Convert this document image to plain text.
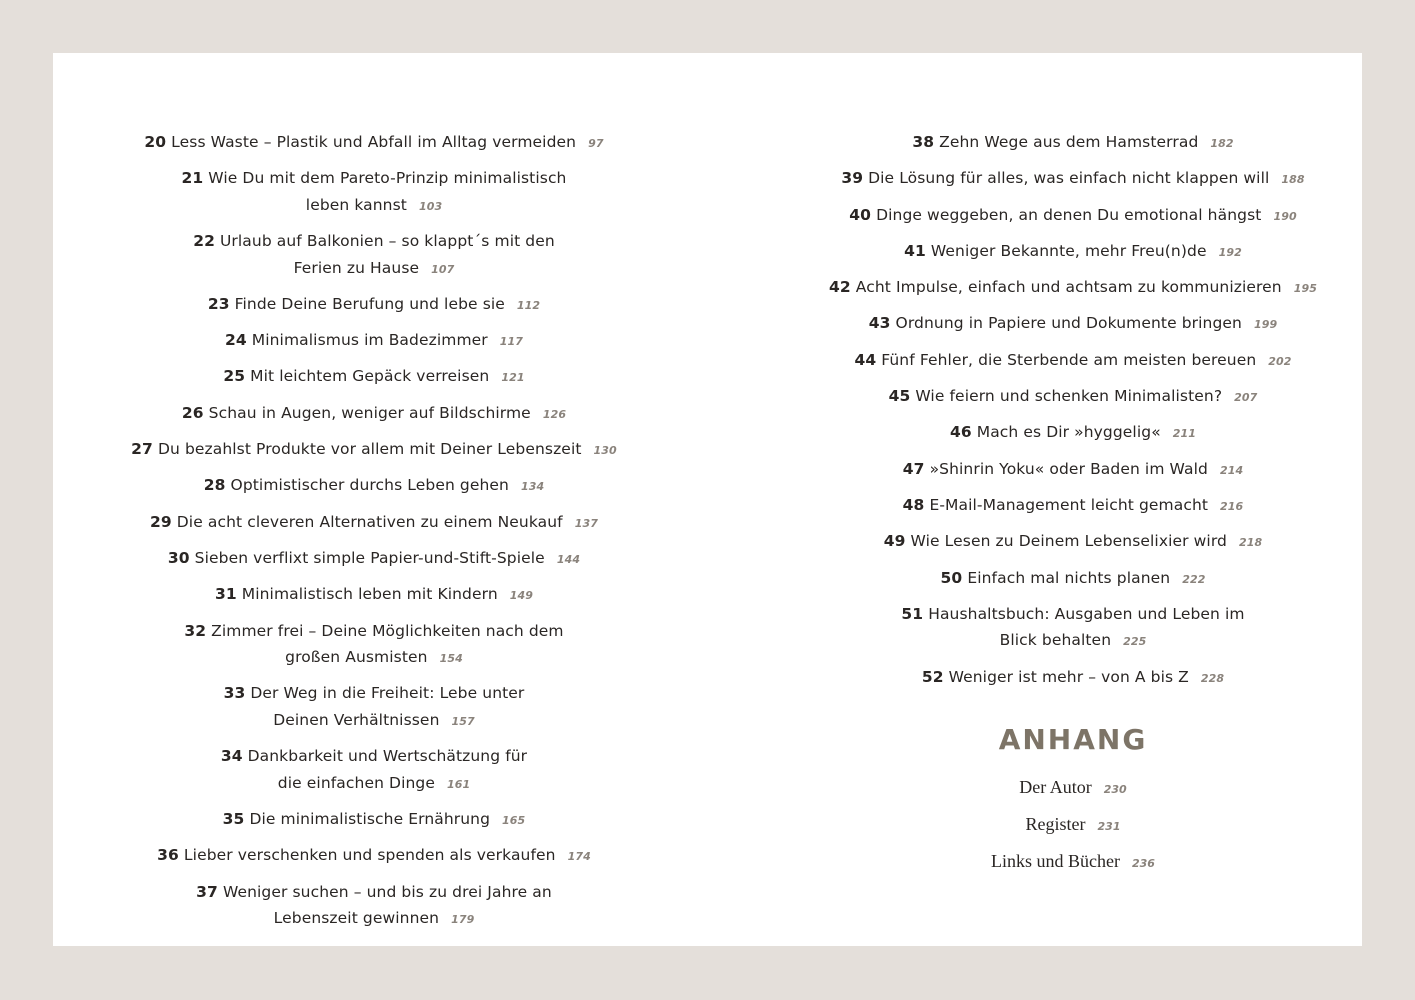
20 Less Waste – Plastik und Abfall im Alltag vermeiden 97
21 Wie Du mit dem Pareto-Prinzip minimalistisch
leben kannst 103
22 Urlaub auf Balkonien – so klappt´s mit den
Ferien zu Hause 107
23 Finde Deine Berufung und lebe sie 112
24 Minimalismus im Badezimmer 117
25 Mit leichtem Gepäck verreisen 121
26 Schau in Augen, weniger auf Bildschirme 126
27 Du bezahlst Produkte vor allem mit Deiner Lebenszeit 130
28 Optimistischer durchs Leben gehen 134
29 Die acht cleveren Alternativen zu einem Neukauf 137
30 Sieben verflixt simple Papier-und-Stift-Spiele 144
31 Minimalistisch leben mit Kindern 149
32 Zimmer frei – Deine Möglichkeiten nach dem
großen Ausmisten 154
33 Der Weg in die Freiheit: Lebe unter
Deinen Verhältnissen 157
34 Dankbarkeit und Wertschätzung für
die einfachen Dinge 161
35 Die minimalistische Ernährung 165
36 Lieber verschenken und spenden als verkaufen 174
37 Weniger suchen – und bis zu drei Jahre an
Lebenszeit gewinnen 179
38 Zehn Wege aus dem Hamsterrad 182
39 Die Lösung für alles, was einfach nicht klappen will 188
40 Dinge weggeben, an denen Du emotional hängst 190
41 Weniger Bekannte, mehr Freu(n)de 192
42 Acht Impulse, einfach und achtsam zu kommunizieren 195
43 Ordnung in Papiere und Dokumente bringen 199
44 Fünf Fehler, die Sterbende am meisten bereuen 202
45 Wie feiern und schenken Minimalisten? 207
46 Mach es Dir »hyggelig« 211
47 »Shinrin Yoku« oder Baden im Wald 214
48 E-Mail-Management leicht gemacht 216
49 Wie Lesen zu Deinem Lebenselixier wird 218
50 Einfach mal nichts planen 222
51 Haushaltsbuch: Ausgaben und Leben im
Blick behalten 225
52 Weniger ist mehr – von A bis Z 228
ANHANG
Der Autor 230
Register 231
Links und Bücher 236
